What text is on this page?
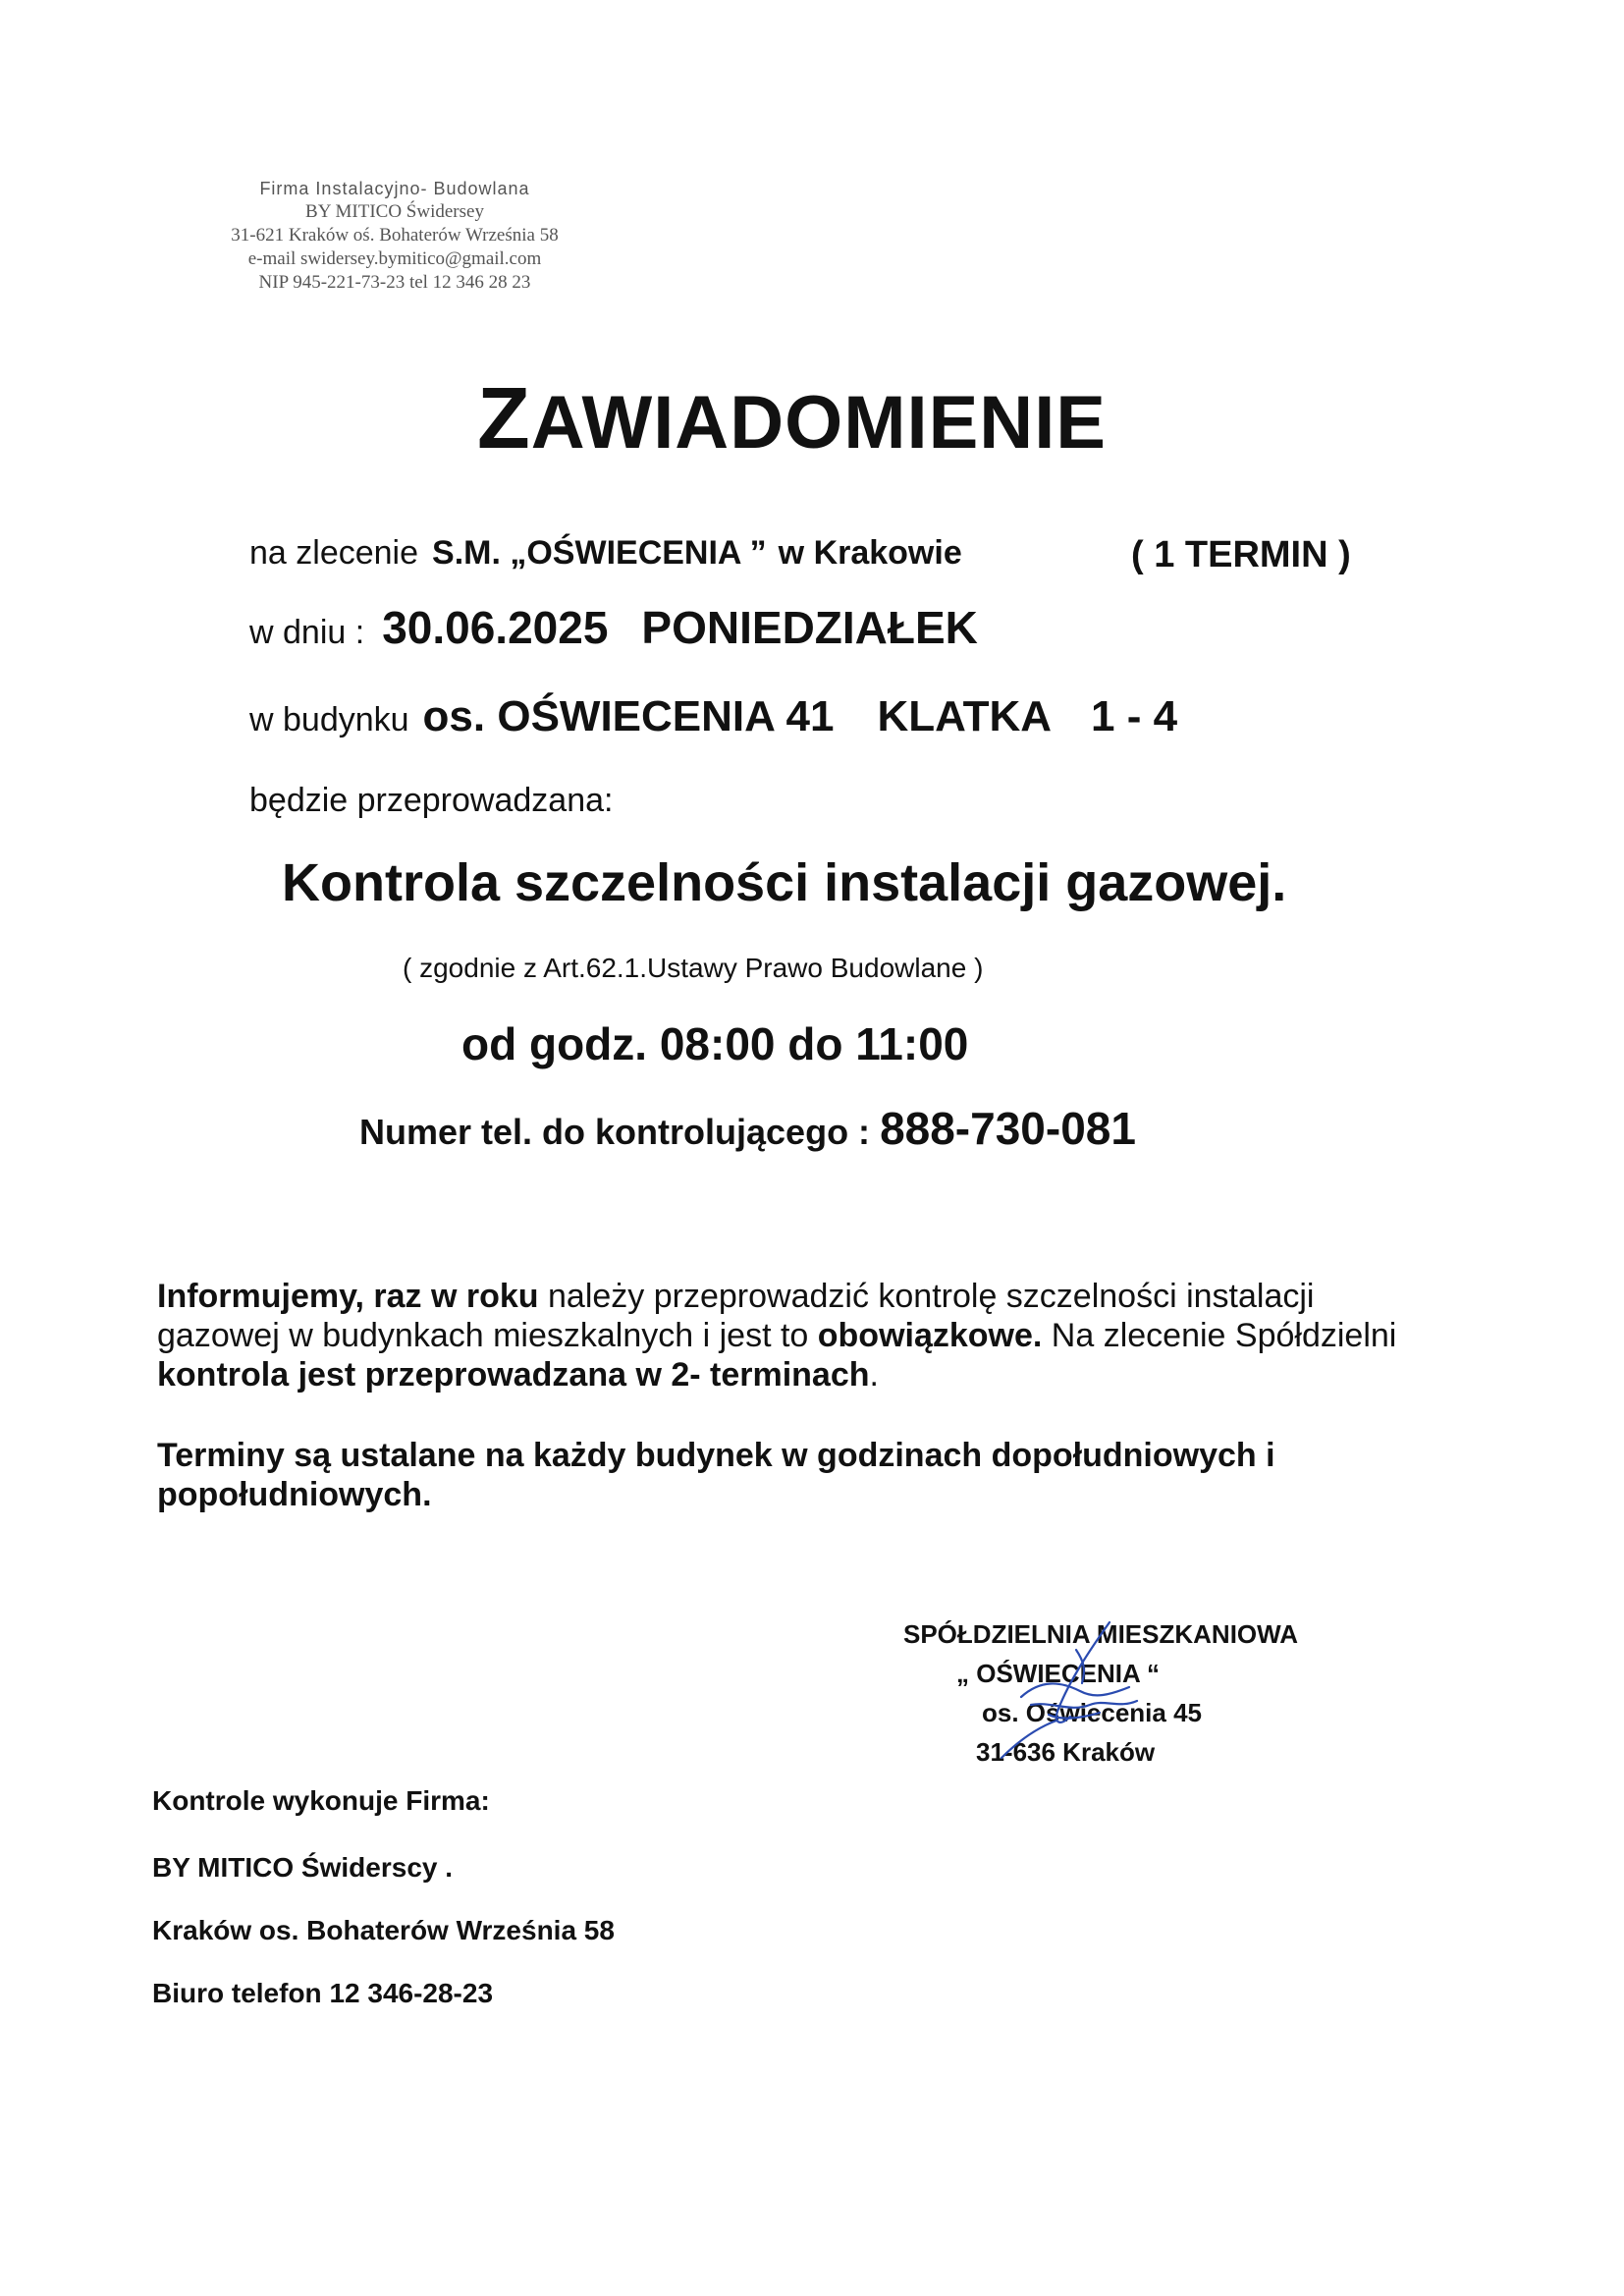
Firma Instalacyjno- Budowlana
BY MITICO Świdersey
31-621 Kraków oś. Bohaterów Września 58
e-mail swidersey.bymitico@gmail.com
NIP 945-221-73-23 tel 12 346 28 23
ZAWIADOMIENIE
na zlecenie S.M. „OŚWIECENIA ” w Krakowie	( 1 TERMIN )
w dniu : 30.06.2025 PONIEDZIAŁEK
w budynku os. OŚWIECENIA 41 KLATKA 1 - 4
będzie przeprowadzana:
Kontrola szczelności instalacji gazowej.
( zgodnie z Art.62.1.Ustawy Prawo Budowlane )
od godz. 08:00 do 11:00
Numer tel. do kontrolującego : 888-730-081
Informujemy, raz w roku należy przeprowadzić kontrolę szczelności instalacji gazowej w budynkach mieszkalnych i jest to obowiązkowe. Na zlecenie Spółdzielni kontrola jest przeprowadzana w 2- terminach.
Terminy są ustalane na każdy budynek w godzinach dopołudniowych i popołudniowych.
SPÓŁDZIELNIA MIESZKANIOWA
„ OŚWIECENIA “
os. Oświecenia 45
31-636 Kraków
Kontrole wykonuje Firma:
BY MITICO Świderscy .
Kraków os. Bohaterów Września 58
Biuro telefon 12 346-28-23
